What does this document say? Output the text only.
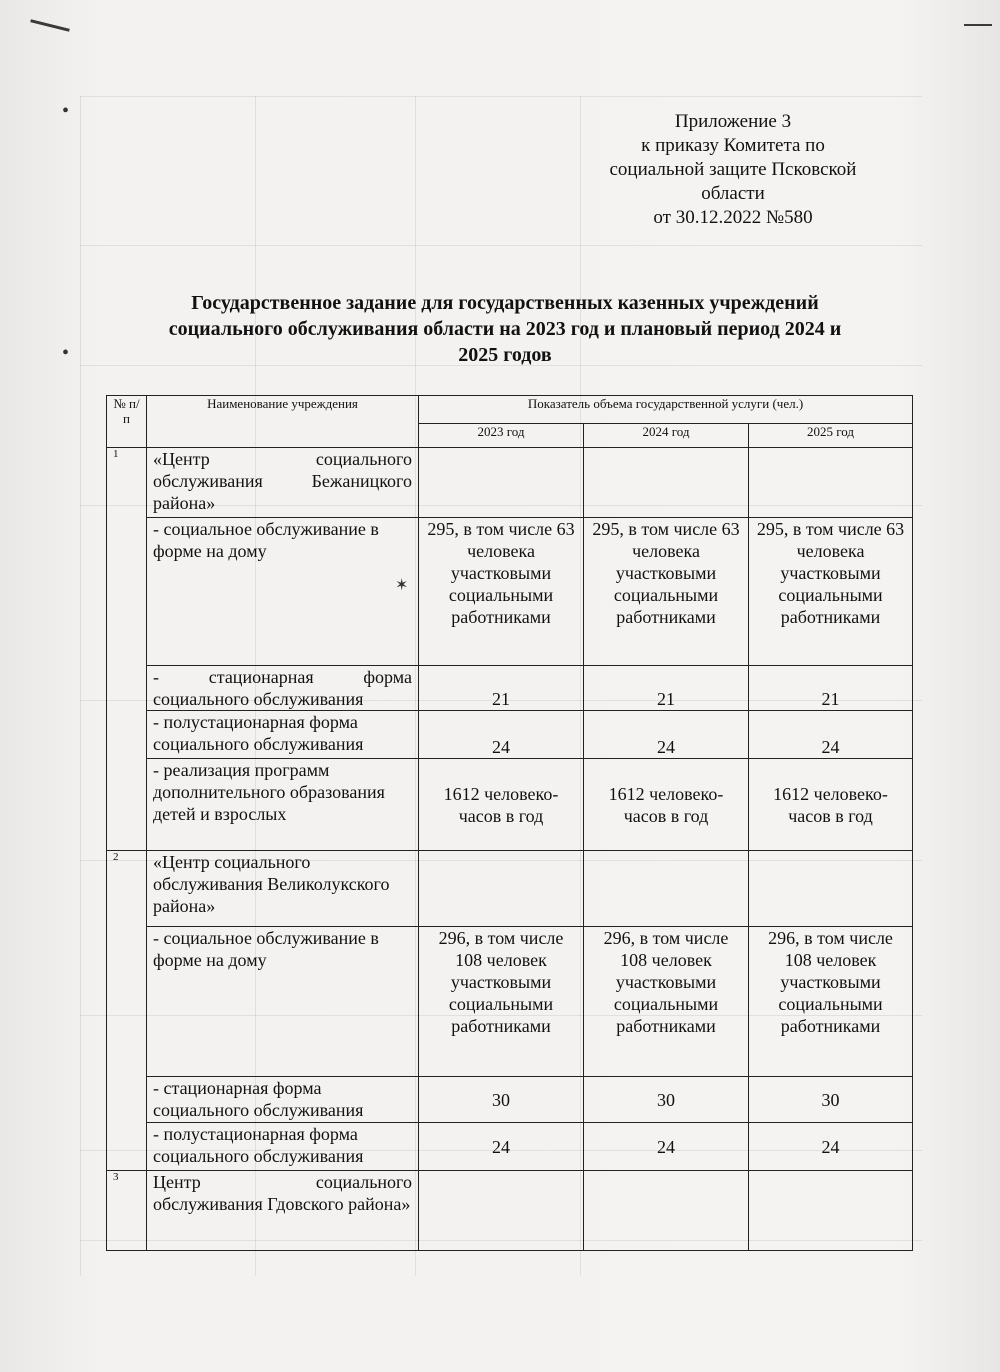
•
•
✶
Приложение 3
к приказу Комитета по
социальной защите Псковской
области
от 30.12.2022 №580
Государственное задание для государственных казенных учреждений
социального обслуживания области на 2023 год и плановый период 2024 и
2025 годов
№ п/п	Наименование учреждения	Показатель объема государственной услуги (чел.)		
		2023 год	2024 год	2025 год
1	«Центр социального обслуживания Бежаницкого района»			
	- социальное обслуживание в форме на дому	295, в том числе 63 человека участковыми социальными работниками	295, в том числе 63 человека участковыми социальными работниками	295, в том числе 63 человека участковыми социальными работниками
	- стационарная форма социального обслуживания	21	21	21
	- полустационарная форма социального обслуживания	24	24	24
	- реализация программ дополнительного образования детей и взрослых	1612 человеко-часов в год	1612 человеко-часов в год	1612 человеко-часов в год
2	«Центр социального обслуживания Великолукского района»			
	- социальное обслуживание в форме на дому	296, в том числе 108 человек участковыми социальными работниками	296, в том числе 108 человек участковыми социальными работниками	296, в том числе 108 человек участковыми социальными работниками
	- стационарная форма социального обслуживания	30	30	30
	- полустационарная форма социального обслуживания	24	24	24
3	Центр социального обслуживания Гдовского района»			
